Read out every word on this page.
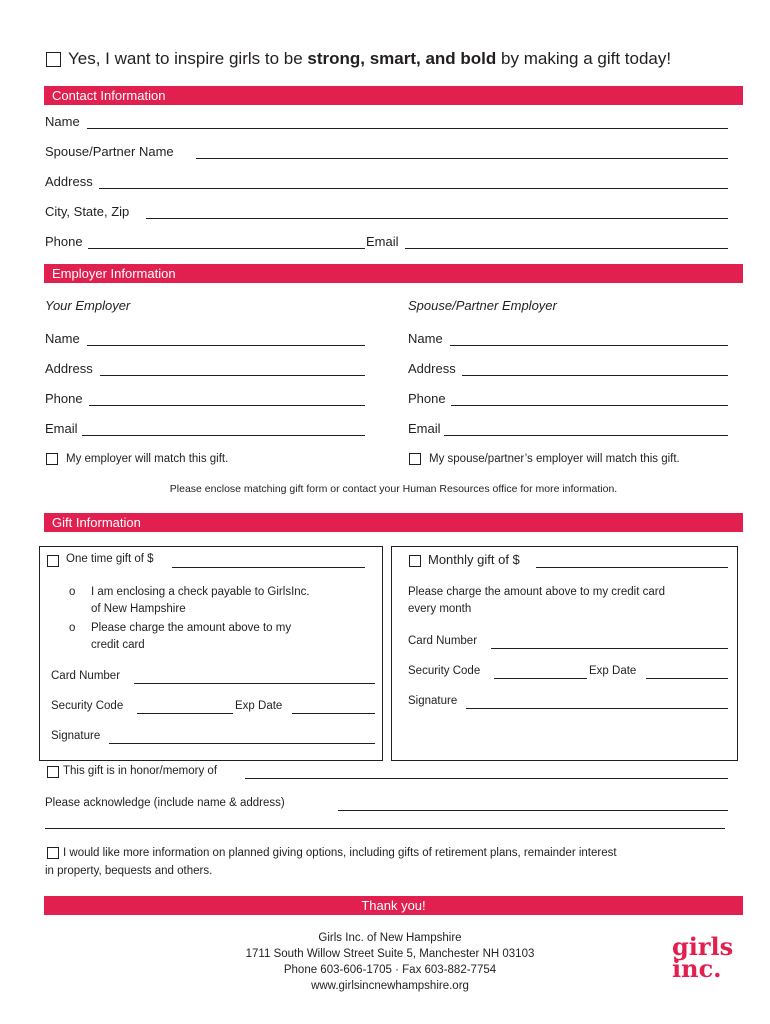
Yes, I want to inspire girls to be strong, smart, and bold by making a gift today!
Contact Information
Name
Spouse/Partner Name
Address
City, State, Zip
Phone	Email
Employer Information
Your Employer	Spouse/Partner Employer
Name	Name
Address	Address
Phone	Phone
Email	Email
My employer will match this gift.	My spouse/partner’s employer will match this gift.
Please enclose matching gift form or contact your Human Resources office for more information.
Gift Information
One time gift of $
o I am enclosing a check payable to GirlsInc.
of New Hampshire
o Please charge the amount above to my
credit card
Card Number
Security Code	Exp Date
Signature
Monthly gift of $
Please charge the amount above to my credit card
every month
Card Number
Security Code	Exp Date
Signature
This gift is in honor/memory of
Please acknowledge (include name & address)
I would like more information on planned giving options, including gifts of retirement plans, remainder interest
in property, bequests and others.
Thank you!
Girls Inc. of New Hampshire
1711 South Willow Street Suite 5, Manchester NH 03103
Phone 603-606-1705 · Fax 603-882-7754
www.girlsincnewhampshire.org
girls
inc.
